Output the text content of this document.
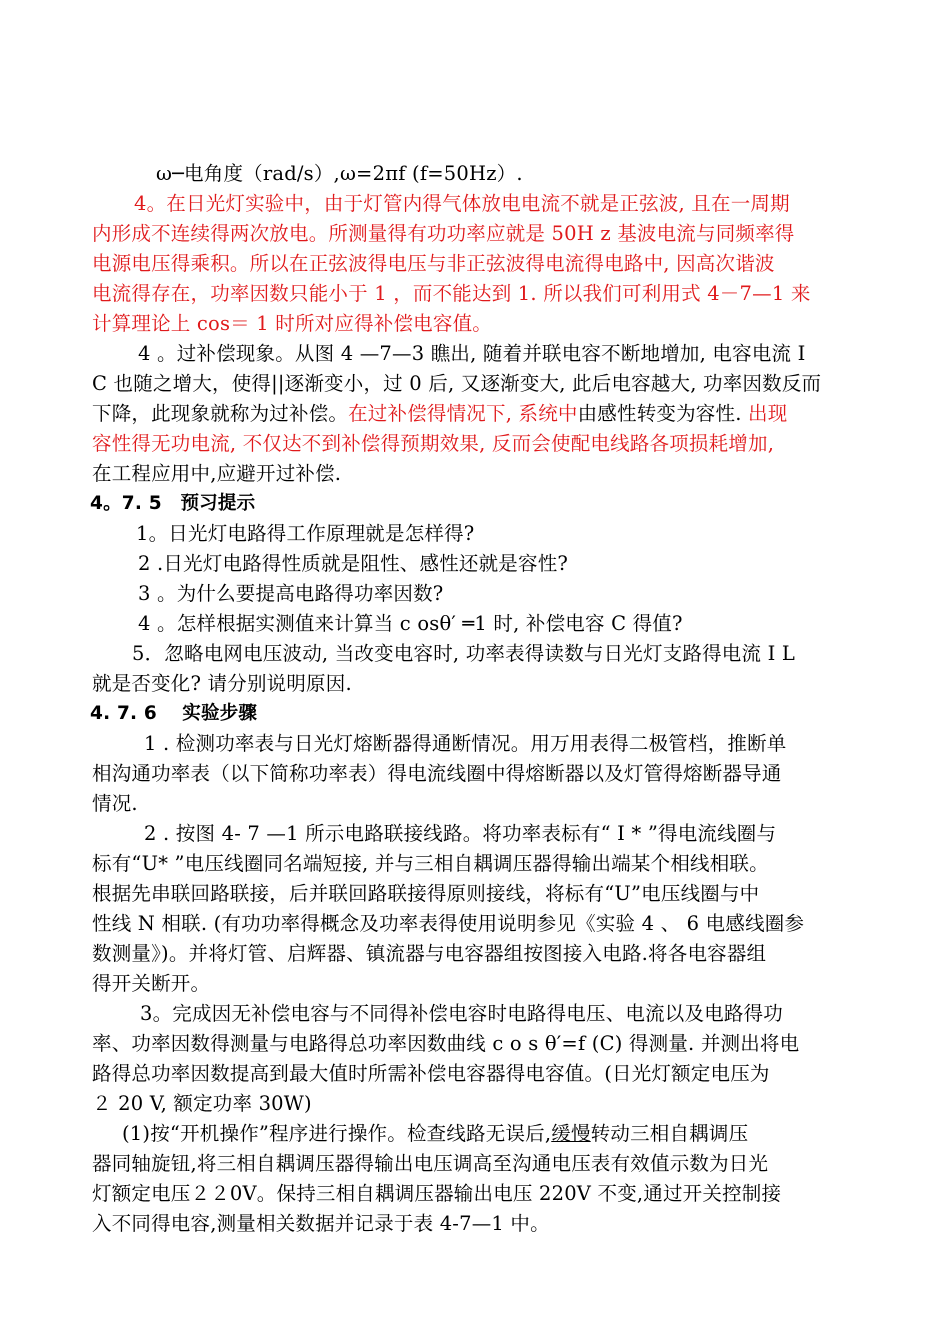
ω─电角度（rad/s）,ω=2πf (f=50Hz）.
4。在日光灯实验中，由于灯管内得气体放电电流不就是正弦波, 且在一周期
内形成不连续得两次放电。所测量得有功功率应就是 50H z 基波电流与同频率得
电源电压得乘积。所以在正弦波得电压与非正弦波得电流得电路中, 因高次谐波
电流得存在，功率因数只能小于 1 ，而不能达到 1. 所以我们可利用式 4－7—1 来
计算理论上 cos＝ 1 时所对应得补偿电容值。
4 。过补偿现象。从图 4 —7—3 瞧出, 随着并联电容不断地增加, 电容电流 I
C 也随之增大，使得||逐渐变小，过 0 后, 又逐渐变大, 此后电容越大, 功率因数反而
下降，此现象就称为过补偿。在过补偿得情况下, 系统中由感性转变为容性. 出现
容性得无功电流, 不仅达不到补偿得预期效果, 反而会使配电线路各项损耗增加,
在工程应用中,应避开过补偿.
4。7. 5　预习提示
1。日光灯电路得工作原理就是怎样得?
2 .日光灯电路得性质就是阻性、感性还就是容性?
3 。为什么要提高电路得功率因数?
4 。怎样根据实测值来计算当 c osθ′ ═1 时, 补偿电容 C 得值?
5．忽略电网电压波动, 当改变电容时, 功率表得读数与日光灯支路得电流 I L
就是否变化? 请分别说明原因.
4. 7. 6　 实验步骤
1 . 检测功率表与日光灯熔断器得通断情况。用万用表得二极管档，推断单
相沟通功率表（以下简称功率表）得电流线圈中得熔断器以及灯管得熔断器导通
情况.
2 . 按图 4- 7 —1 所示电路联接线路。将功率表标有“ I * ”得电流线圈与
标有“U* ”电压线圈同名端短接, 并与三相自耦调压器得输出端某个相线相联。
根据先串联回路联接，后并联回路联接得原则接线，将标有“U”电压线圈与中
性线 N 相联. (有功功率得概念及功率表得使用说明参见《实验 4 、 6 电感线圈参
数测量》)。并将灯管、启辉器、镇流器与电容器组按图接入电路.将各电容器组
得开关断开。
3。完成因无补偿电容与不同得补偿电容时电路得电压、电流以及电路得功
率、功率因数得测量与电路得总功率因数曲线 c o s θ′=f (C) 得测量. 并测出将电
路得总功率因数提高到最大值时所需补偿电容器得电容值。(日光灯额定电压为
２ 20 V, 额定功率 30W)
(1)按“开机操作”程序进行操作。检查线路无误后,缓慢转动三相自耦调压
器同轴旋钮,将三相自耦调压器得输出电压调高至沟通电压表有效值示数为日光
灯额定电压２２0V。保持三相自耦调压器输出电压 220V 不变,通过开关控制接
入不同得电容,测量相关数据并记录于表 4-7—1 中。
